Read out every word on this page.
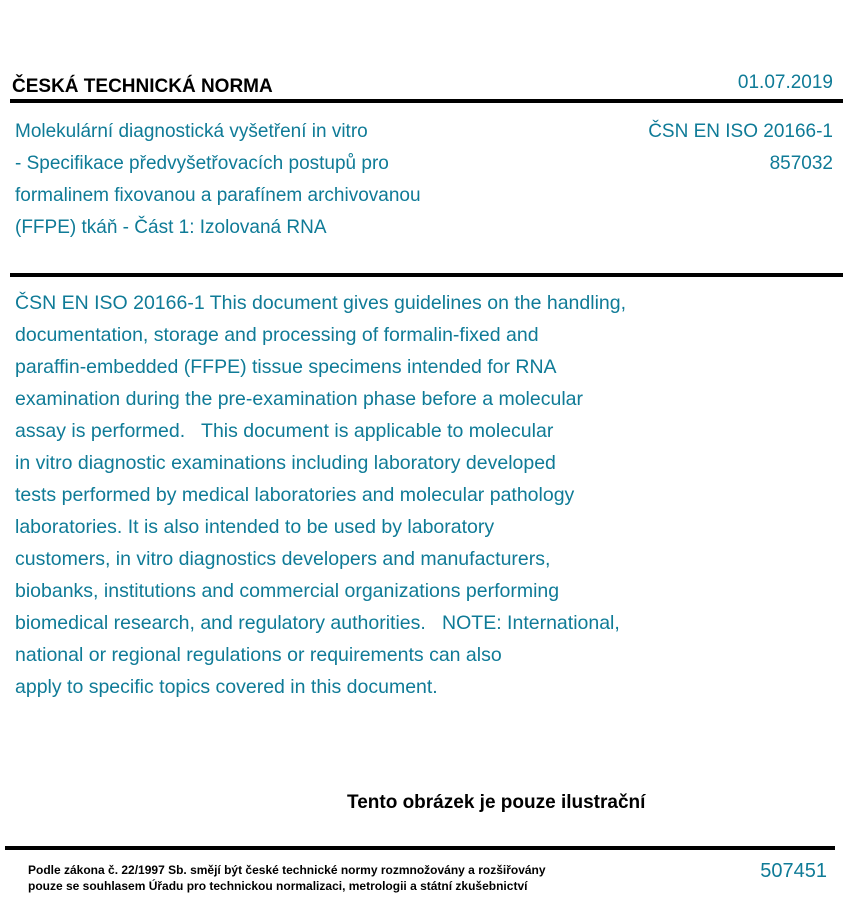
ČESKÁ TECHNICKÁ NORMA	01.07.2019
Molekulární diagnostická vyšetření in vitro
- Specifikace předvyšetřovacích postupů pro
formalinem fixovanou a parafínem archivovanou
(FFPE) tkáň - Část 1: Izolovaná RNA
ČSN EN ISO 20166-1
857032
ČSN EN ISO 20166-1 This document gives guidelines on the handling,
documentation, storage and processing of formalin-fixed and
paraffin-embedded (FFPE) tissue specimens intended for RNA
examination during the pre-examination phase before a molecular
assay is performed.   This document is applicable to molecular
in vitro diagnostic examinations including laboratory developed
tests performed by medical laboratories and molecular pathology
laboratories. It is also intended to be used by laboratory
customers, in vitro diagnostics developers and manufacturers,
biobanks, institutions and commercial organizations performing
biomedical research, and regulatory authorities.   NOTE: International,
national or regional regulations or requirements can also
apply to specific topics covered in this document.
Tento obrázek je pouze ilustrační
Podle zákona č. 22/1997 Sb. smějí být české technické normy rozmnožovány a rozšiřovány
pouze se souhlasem Úřadu pro technickou normalizaci, metrologii a státní zkušebnictví
507451
